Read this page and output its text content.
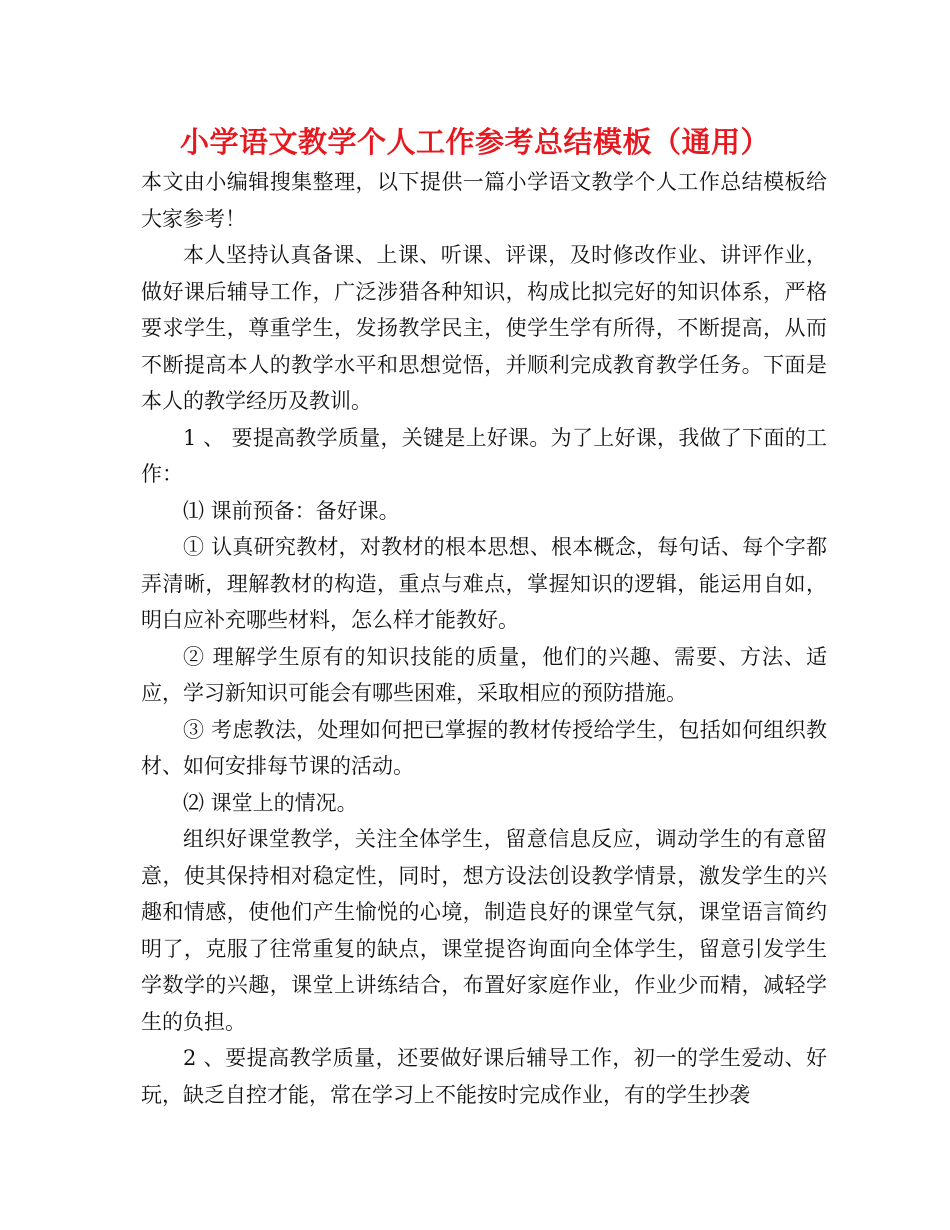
小学语文教学个人工作参考总结模板（通用）

本文由小编辑搜集整理，以下提供一篇小学语文教学个人工作总结模板给大家参考！

本人坚持认真备课、上课、听课、评课，及时修改作业、讲评作业，做好课后辅导工作，广泛涉猎各种知识，构成比拟完好的知识体系，严格要求学生，尊重学生，发扬教学民主，使学生学有所得，不断提高，从而不断提高本人的教学水平和思想觉悟，并顺利完成教育教学任务。下面是本人的教学经历及教训。

1 、 要提高教学质量，关键是上好课。为了上好课，我做了下面的工作：

⑴ 课前预备：备好课。

① 认真研究教材，对教材的根本思想、根本概念，每句话、每个字都弄清晰，理解教材的构造，重点与难点，掌握知识的逻辑，能运用自如，明白应补充哪些材料，怎么样才能教好。

② 理解学生原有的知识技能的质量，他们的兴趣、需要、方法、适应，学习新知识可能会有哪些困难，采取相应的预防措施。

③ 考虑教法，处理如何把已掌握的教材传授给学生，包括如何组织教材、如何安排每节课的活动。

⑵ 课堂上的情况。

组织好课堂教学，关注全体学生，留意信息反应，调动学生的有意留意，使其保持相对稳定性，同时，想方设法创设教学情景，激发学生的兴趣和情感，使他们产生愉悦的心境，制造良好的课堂气氛，课堂语言简约明了，克服了往常重复的缺点，课堂提咨询面向全体学生，留意引发学生学数学的兴趣，课堂上讲练结合，布置好家庭作业，作业少而精，减轻学生的负担。

2 、要提高教学质量，还要做好课后辅导工作，初一的学生爱动、好玩，缺乏自控才能，常在学习上不能按时完成作业，有的学生抄袭
